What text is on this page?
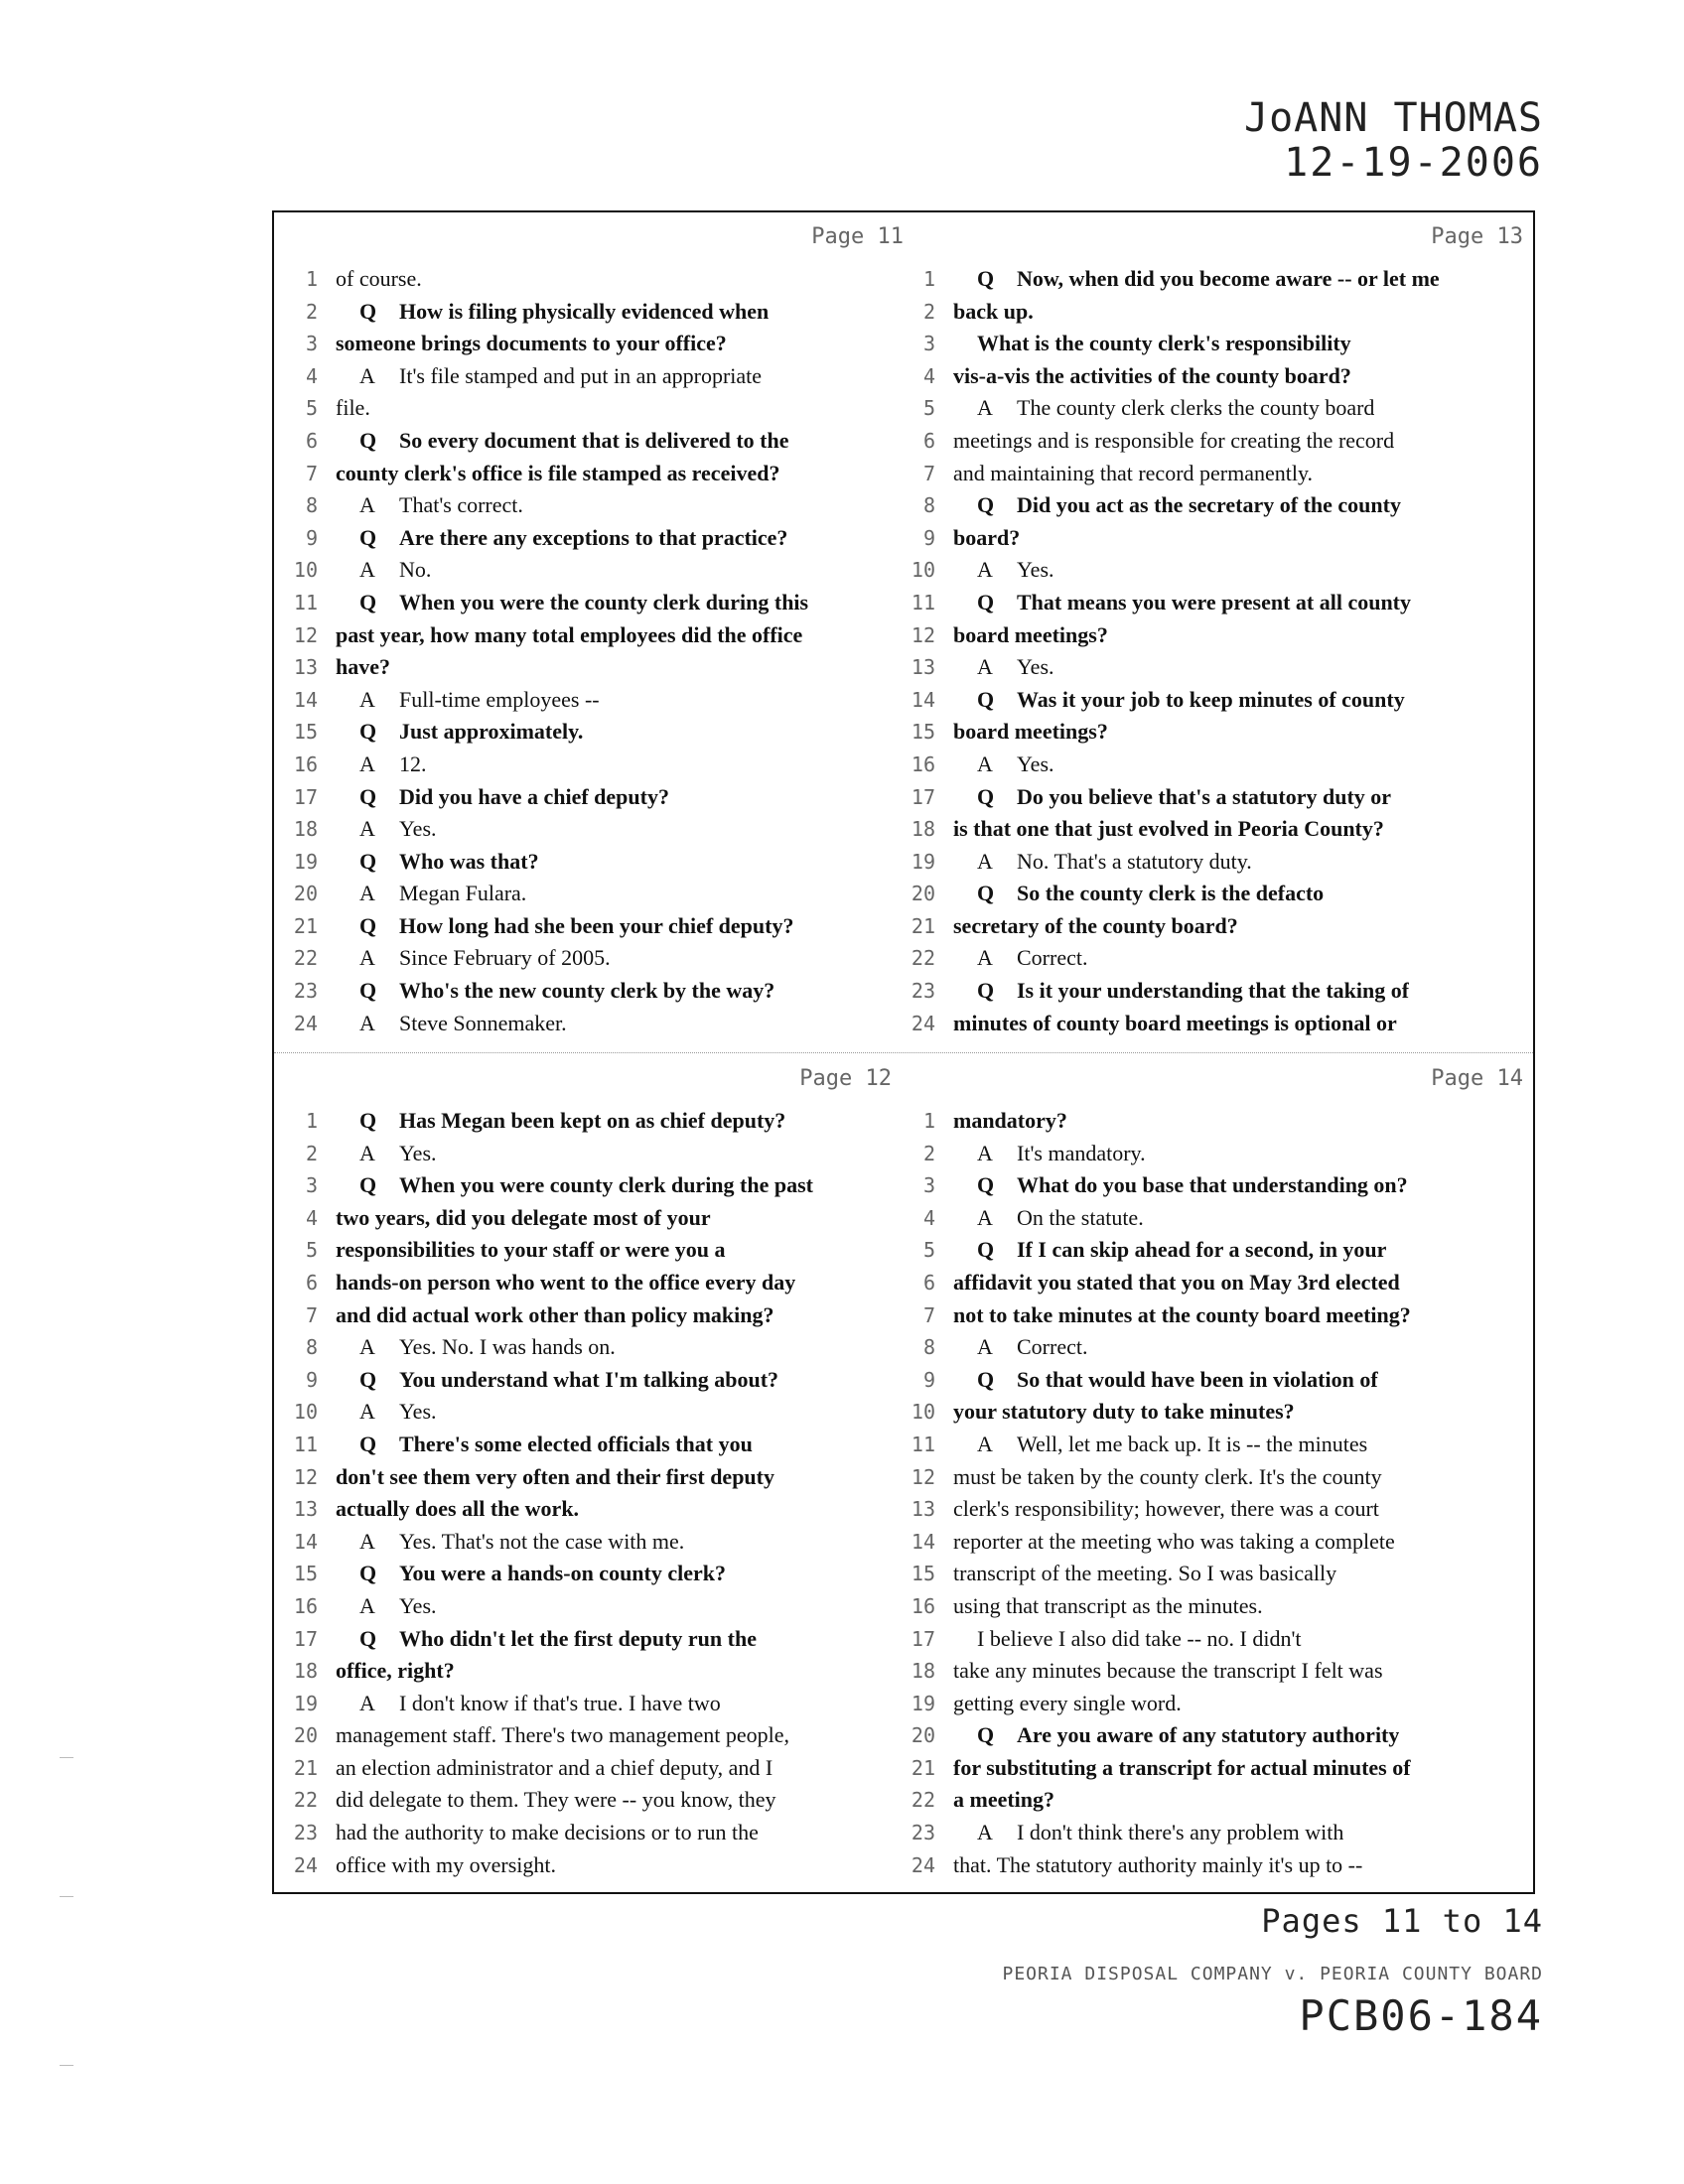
JoANN THOMAS
12-19-2006
Page 11
1 of course.
2	Q How is filing physically evidenced when
3 someone brings documents to your office?
4	A It's file stamped and put in an appropriate
5 file.
6	Q So every document that is delivered to the
7 county clerk's office is file stamped as received?
8	A That's correct.
9	Q Are there any exceptions to that practice?
10	A No.
11	Q When you were the county clerk during this
12 past year, how many total employees did the office
13 have?
14	A Full-time employees --
15	Q Just approximately.
16	A 12.
17	Q Did you have a chief deputy?
18	A Yes.
19	Q Who was that?
20	A Megan Fulara.
21	Q How long had she been your chief deputy?
22	A Since February of 2005.
23	Q Who's the new county clerk by the way?
24	A Steve Sonnemaker.
Page 13
1	Q Now, when did you become aware -- or let me
2 back up.
3	What is the county clerk's responsibility
4 vis-a-vis the activities of the county board?
5	A The county clerk clerks the county board
6 meetings and is responsible for creating the record
7 and maintaining that record permanently.
8	Q Did you act as the secretary of the county
9 board?
10	A Yes.
11	Q That means you were present at all county
12 board meetings?
13	A Yes.
14	Q Was it your job to keep minutes of county
15 board meetings?
16	A Yes.
17	Q Do you believe that's a statutory duty or
18 is that one that just evolved in Peoria County?
19	A No. That's a statutory duty.
20	Q So the county clerk is the defacto
21 secretary of the county board?
22	A Correct.
23	Q Is it your understanding that the taking of
24 minutes of county board meetings is optional or
Page 12
1	Q Has Megan been kept on as chief deputy?
2	A Yes.
3	Q When you were county clerk during the past
4 two years, did you delegate most of your
5 responsibilities to your staff or were you a
6 hands-on person who went to the office every day
7 and did actual work other than policy making?
8	A Yes. No. I was hands on.
9	Q You understand what I'm talking about?
10	A Yes.
11	Q There's some elected officials that you
12 don't see them very often and their first deputy
13 actually does all the work.
14	A Yes. That's not the case with me.
15	Q You were a hands-on county clerk?
16	A Yes.
17	Q Who didn't let the first deputy run the
18 office, right?
19	A I don't know if that's true. I have two
20 management staff. There's two management people,
21 an election administrator and a chief deputy, and I
22 did delegate to them. They were -- you know, they
23 had the authority to make decisions or to run the
24 office with my oversight.
Page 14
1 mandatory?
2	A It's mandatory.
3	Q What do you base that understanding on?
4	A On the statute.
5	Q If I can skip ahead for a second, in your
6 affidavit you stated that you on May 3rd elected
7 not to take minutes at the county board meeting?
8	A Correct.
9	Q So that would have been in violation of
10 your statutory duty to take minutes?
11	A Well, let me back up. It is -- the minutes
12 must be taken by the county clerk. It's the county
13 clerk's responsibility; however, there was a court
14 reporter at the meeting who was taking a complete
15 transcript of the meeting. So I was basically
16 using that transcript as the minutes.
17	I believe I also did take -- no. I didn't
18 take any minutes because the transcript I felt was
19 getting every single word.
20	Q Are you aware of any statutory authority
21 for substituting a transcript for actual minutes of
22 a meeting?
23	A I don't think there's any problem with
24 that. The statutory authority mainly it's up to --
Pages 11 to 14
PEORIA DISPOSAL COMPANY v. PEORIA COUNTY BOARD
PCB06-184
